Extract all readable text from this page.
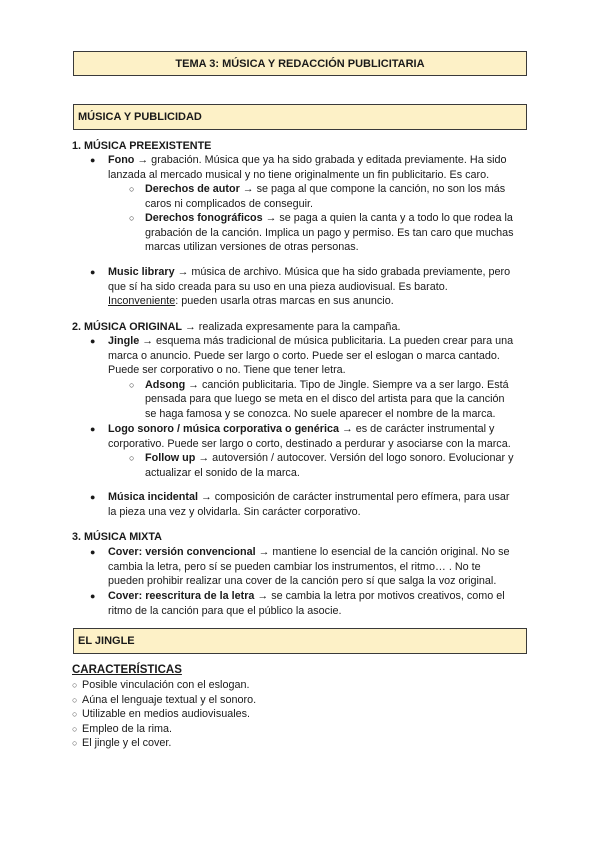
TEMA 3: MÚSICA Y REDACCIÓN PUBLICITARIA
MÚSICA Y PUBLICIDAD
1. MÚSICA PREEXISTENTE
● Fono → grabación. Música que ya ha sido grabada y editada previamente. Ha sido
lanzada al mercado musical y no tiene originalmente un fin publicitario. Es caro.
○ Derechos de autor → se paga al que compone la canción, no son los más
caros ni complicados de conseguir.
○ Derechos fonográficos → se paga a quien la canta y a todo lo que rodea la
grabación de la canción. Implica un pago y permiso. Es tan caro que muchas
marcas utilizan versiones de otras personas.
● Music library → música de archivo. Música que ha sido grabada previamente, pero
que sí ha sido creada para su uso en una pieza audiovisual. Es barato.
Inconveniente: pueden usarla otras marcas en sus anuncio.
2. MÚSICA ORIGINAL → realizada expresamente para la campaña.
● Jingle → esquema más tradicional de música publicitaria. La pueden crear para una
marca o anuncio. Puede ser largo o corto. Puede ser el eslogan o marca cantado.
Puede ser corporativo o no. Tiene que tener letra.
○ Adsong → canción publicitaria. Tipo de Jingle. Siempre va a ser largo. Está
pensada para que luego se meta en el disco del artista para que la canción
se haga famosa y se conozca. No suele aparecer el nombre de la marca.
● Logo sonoro / música corporativa o genérica → es de carácter instrumental y
corporativo. Puede ser largo o corto, destinado a perdurar y asociarse con la marca.
○ Follow up → autoversión / autocover. Versión del logo sonoro. Evolucionar y
actualizar el sonido de la marca.
● Música incidental → composición de carácter instrumental pero efímera, para usar
la pieza una vez y olvidarla. Sin carácter corporativo.
3. MÚSICA MIXTA
● Cover: versión convencional → mantiene lo esencial de la canción original. No se
cambia la letra, pero sí se pueden cambiar los instrumentos, el ritmo… . No te
pueden prohibir realizar una cover de la canción pero sí que salga la voz original.
● Cover: reescritura de la letra → se cambia la letra por motivos creativos, como el
ritmo de la canción para que el público la asocie.
EL JINGLE
CARACTERÍSTICAS
○ Posible vinculación con el eslogan.
○ Aúna el lenguaje textual y el sonoro.
○ Utilizable en medios audiovisuales.
○ Empleo de la rima.
○ El jingle y el cover.
